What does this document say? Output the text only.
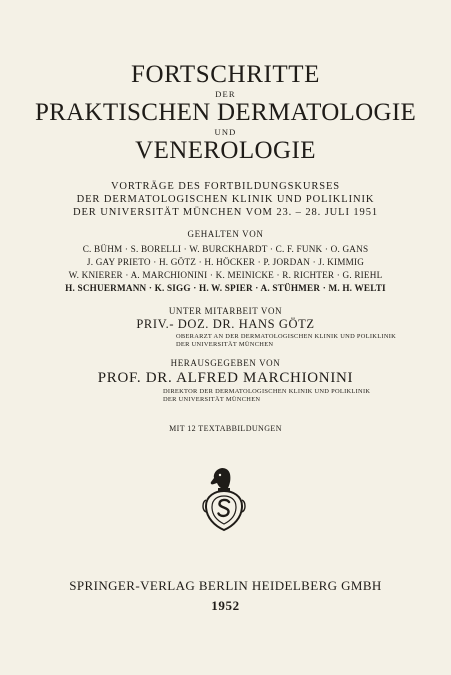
FORTSCHRITTE
DER
PRAKTISCHEN DERMATOLOGIE
UND
VENEROLOGIE
VORTRÄGE DES FORTBILDUNGSKURSES
DER DERMATOLOGISCHEN KLINIK UND POLIKLINIK
DER UNIVERSITÄT MÜNCHEN VOM 23. – 28. JULI 1951
GEHALTEN VON
C. BÜHM · S. BORELLI · W. BURCKHARDT · C. F. FUNK · O. GANS
J. GAY PRIETO · H. GÖTZ · H. HÖCKER · P. JORDAN · J. KIMMIG
W. KNIERER · A. MARCHIONINI · K. MEINICKE · R. RICHTER · G. RIEHL
H. SCHUERMANN · K. SIGG · H. W. SPIER · A. STÜHMER · M. H. WELTI
UNTER MITARBEIT VON
PRIV.- DOZ. DR. HANS GÖTZ
OBERARZT AN DER DERMATOLOGISCHEN KLINIK UND POLIKLINIK
DER UNIVERSITÄT MÜNCHEN
HERAUSGEGEBEN VON
PROF. DR. ALFRED MARCHIONINI
DIREKTOR DER DERMATOLOGISCHEN KLINIK UND POLIKLINIK
DER UNIVERSITÄT MÜNCHEN
MIT 12 TEXTABBILDUNGEN
SPRINGER-VERLAG BERLIN HEIDELBERG GMBH
1952
